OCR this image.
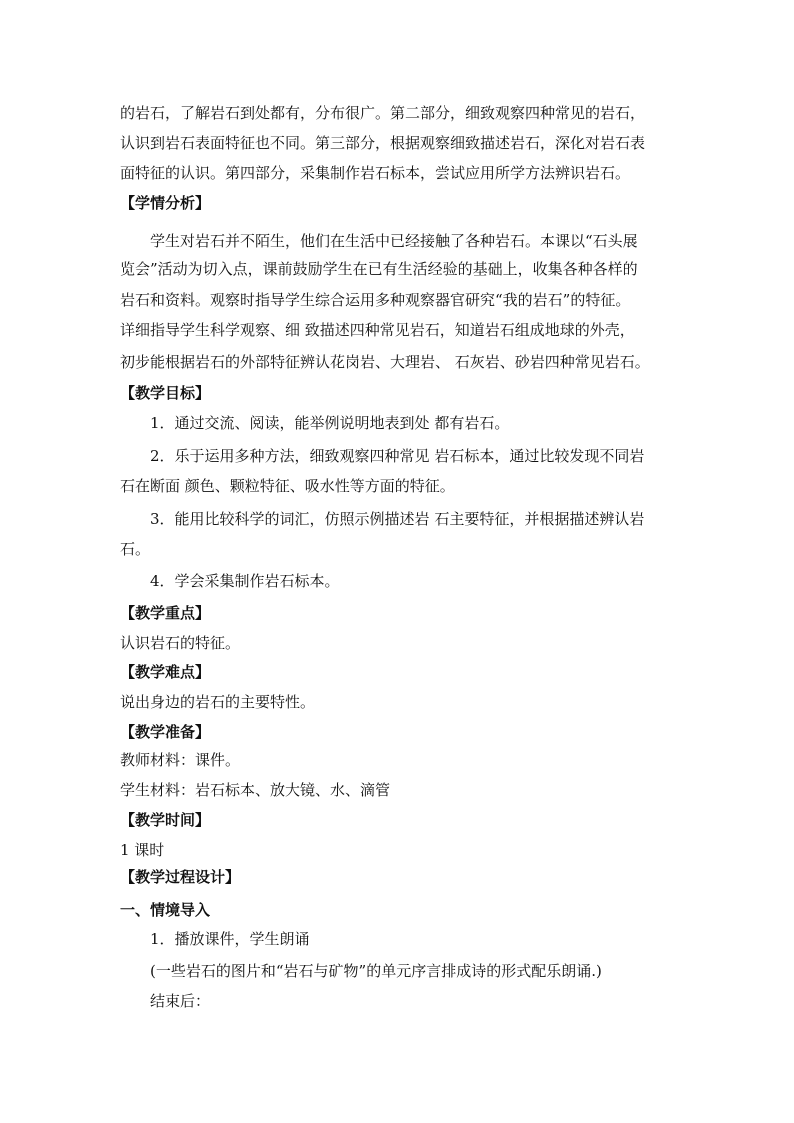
的岩石，了解岩石到处都有，分布很广。第二部分，细致观察四种常见的岩石，
认识到岩石表面特征也不同。第三部分，根据观察细致描述岩石，深化对岩石表
面特征的认识。第四部分，采集制作岩石标本，尝试应用所学方法辨识岩石。
【学情分析】
学生对岩石并不陌生，他们在生活中已经接触了各种岩石。本课以“石头展
览会”活动为切入点，课前鼓励学生在已有生活经验的基础上，收集各种各样的
岩石和资料。观察时指导学生综合运用多种观察器官研究“我的岩石”的特征。
详细指导学生科学观察、细 致描述四种常见岩石，知道岩石组成地球的外壳，
初步能根据岩石的外部特征辨认花岗岩、大理岩、 石灰岩、砂岩四种常见岩石。
【教学目标】
1．通过交流、阅读，能举例说明地表到处 都有岩石。
2．乐于运用多种方法，细致观察四种常见 岩石标本，通过比较发现不同岩
石在断面 颜色、颗粒特征、吸水性等方面的特征。
3．能用比较科学的词汇，仿照示例描述岩 石主要特征，并根据描述辨认岩
石。
4．学会采集制作岩石标本。
【教学重点】
认识岩石的特征。
【教学难点】
说出身边的岩石的主要特性。
【教学准备】
教师材料：课件。
学生材料：岩石标本、放大镜、水、滴管
【教学时间】
1 课时
【教学过程设计】
一、情境导入
1．播放课件，学生朗诵
(一些岩石的图片和“岩石与矿物”的单元序言排成诗的形式配乐朗诵.)
结束后：
